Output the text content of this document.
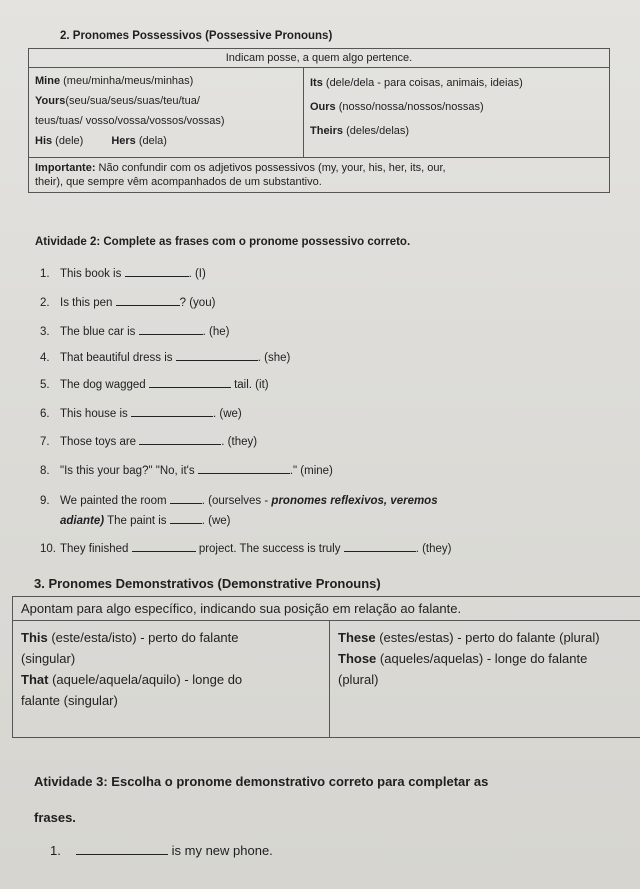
2. Pronomes Possessivos (Possessive Pronouns)
Indicam posse, a quem algo pertence.

Mine (meu/minha/meus/minhas)
Yours(seu/sua/seus/suas/teu/tua/
teus/tuas/ vosso/vossa/vossos/vossas)
His (dele)	Hers (dela)

Its (dele/dela - para coisas, animais, ideias)
Ours (nosso/nossa/nossos/nossas)
Theirs (deles/delas)

Importante: Não confundir com os adjetivos possessivos (my, your, his, her, its, our,
their), que sempre vêm acompanhados de um substantivo.
Atividade 2: Complete as frases com o pronome possessivo correto.
1. This book is	. (I)
2. Is this pen	? (you)
3. The blue car is	. (he)
4. That beautiful dress is	. (she)
5. The dog wagged	tail. (it)
6. This house is	. (we)
7. Those toys are	. (they)
8. "Is this your bag?" "No, it's	." (mine)
9. We painted the room	. (ourselves - pronomes reflexivos, veremos
adiante) The paint is	. (we)
10. They finished	project. The success is truly	. (they)
3. Pronomes Demonstrativos (Demonstrative Pronouns)
Apontam para algo específico, indicando sua posição em relação ao falante.

This (este/esta/isto) - perto do falante
(singular)
That (aquele/aquela/aquilo) - longe do
falante (singular)

These (estes/estas) - perto do falante (plural)
Those (aqueles/aquelas) - longe do falante
(plural)
Atividade 3: Escolha o pronome demonstrativo correto para completar as
frases.
1.	is my new phone.
